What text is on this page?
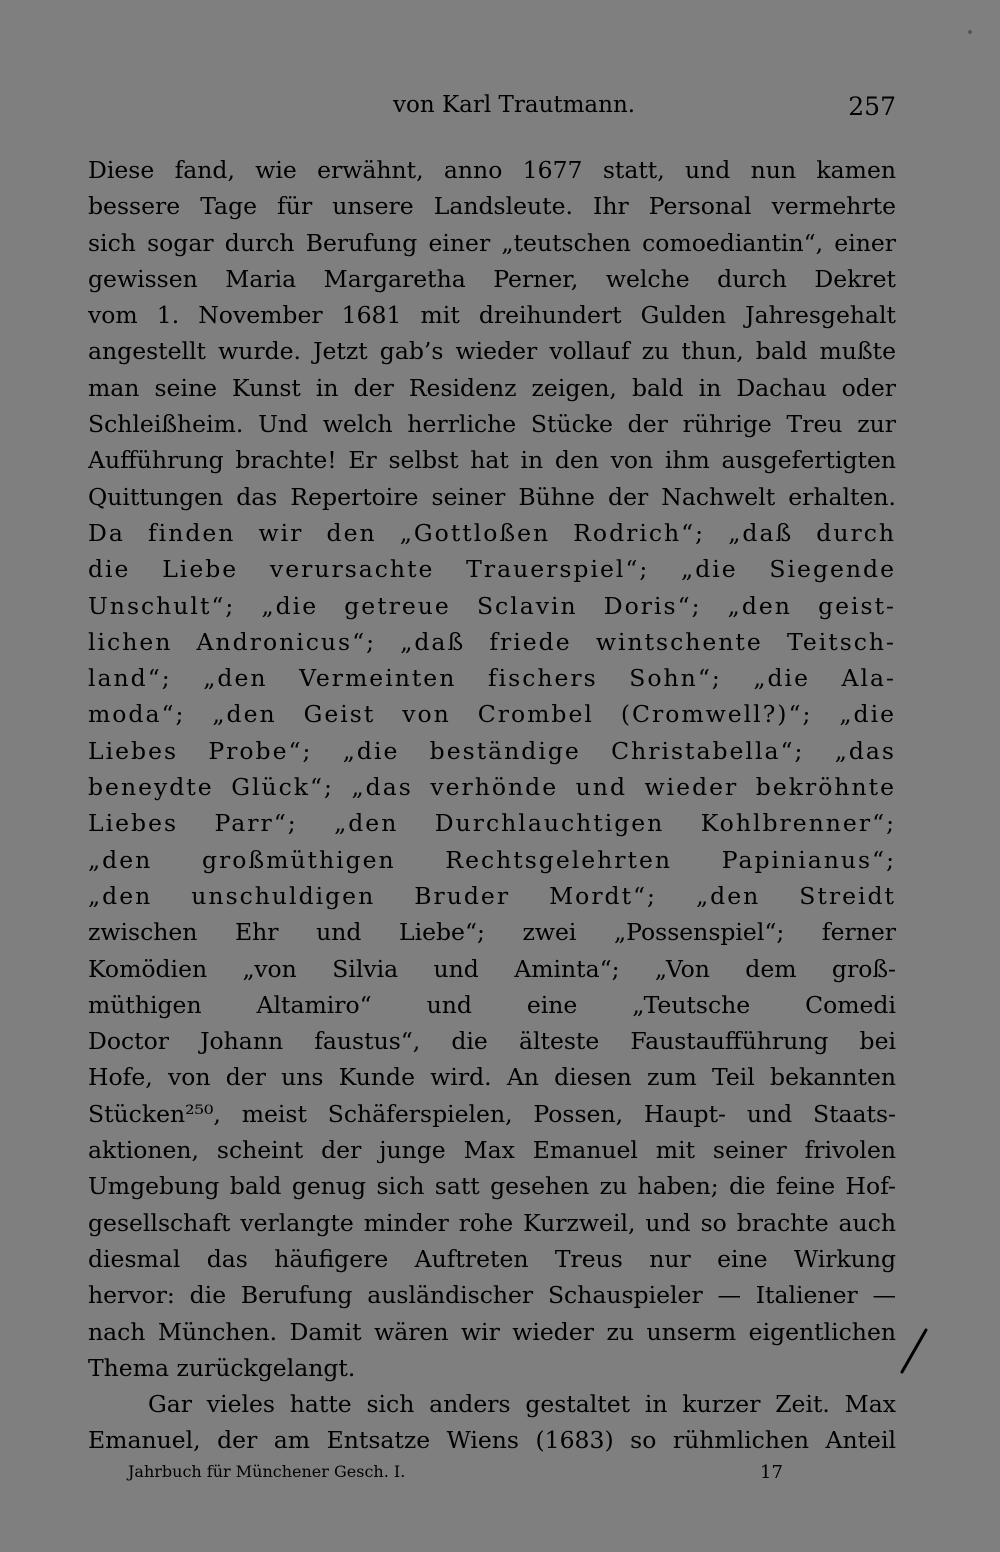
von Karl Trautmann.	257
Diese fand, wie erwähnt, anno 1677 statt, und nun kamen
bessere Tage für unsere Landsleute. Ihr Personal vermehrte
sich sogar durch Berufung einer „teutschen comoediantin“, einer
gewissen Maria Margaretha Perner, welche durch Dekret
vom 1. November 1681 mit dreihundert Gulden Jahresgehalt
angestellt wurde. Jetzt gab’s wieder vollauf zu thun, bald mußte
man seine Kunst in der Residenz zeigen, bald in Dachau oder
Schleißheim. Und welch herrliche Stücke der rührige Treu zur
Aufführung brachte! Er selbst hat in den von ihm ausgefertigten
Quittungen das Repertoire seiner Bühne der Nachwelt erhalten.
Da finden wir den „Gottloßen Rodrich“; „daß durch
die Liebe verursachte Trauerspiel“; „die Siegende
Unschult“; „die getreue Sclavin Doris“; „den geist-
lichen Andronicus“; „daß friede wintschente Teitsch-
land“; „den Vermeinten fischers Sohn“; „die Ala-
moda“; „den Geist von Crombel (Cromwell?)“; „die
Liebes Probe“; „die beständige Christabella“; „das
beneydte Glück“; „das verhönde und wieder bekröhnte
Liebes Parr“; „den Durchlauchtigen Kohlbrenner“;
„den großmüthigen Rechtsgelehrten Papinianus“;
„den unschuldigen Bruder Mordt“; „den Streidt
zwischen Ehr und Liebe“; zwei „Possenspiel“; ferner
Komödien „von Silvia und Aminta“; „Von dem groß-
müthigen Altamiro“ und eine „Teutsche Comedi
Doctor Johann faustus“, die älteste Faustaufführung bei
Hofe, von der uns Kunde wird. An diesen zum Teil bekannten
Stücken²⁵⁰, meist Schäferspielen, Possen, Haupt- und Staats-
aktionen, scheint der junge Max Emanuel mit seiner frivolen
Umgebung bald genug sich satt gesehen zu haben; die feine Hof-
gesellschaft verlangte minder rohe Kurzweil, und so brachte auch
diesmal das häufigere Auftreten Treus nur eine Wirkung
hervor: die Berufung ausländischer Schauspieler — Italiener —
nach München. Damit wären wir wieder zu unserm eigentlichen
Thema zurückgelangt.
Gar vieles hatte sich anders gestaltet in kurzer Zeit. Max
Emanuel, der am Entsatze Wiens (1683) so rühmlichen Anteil
Jahrbuch für Münchener Gesch. I.	17
